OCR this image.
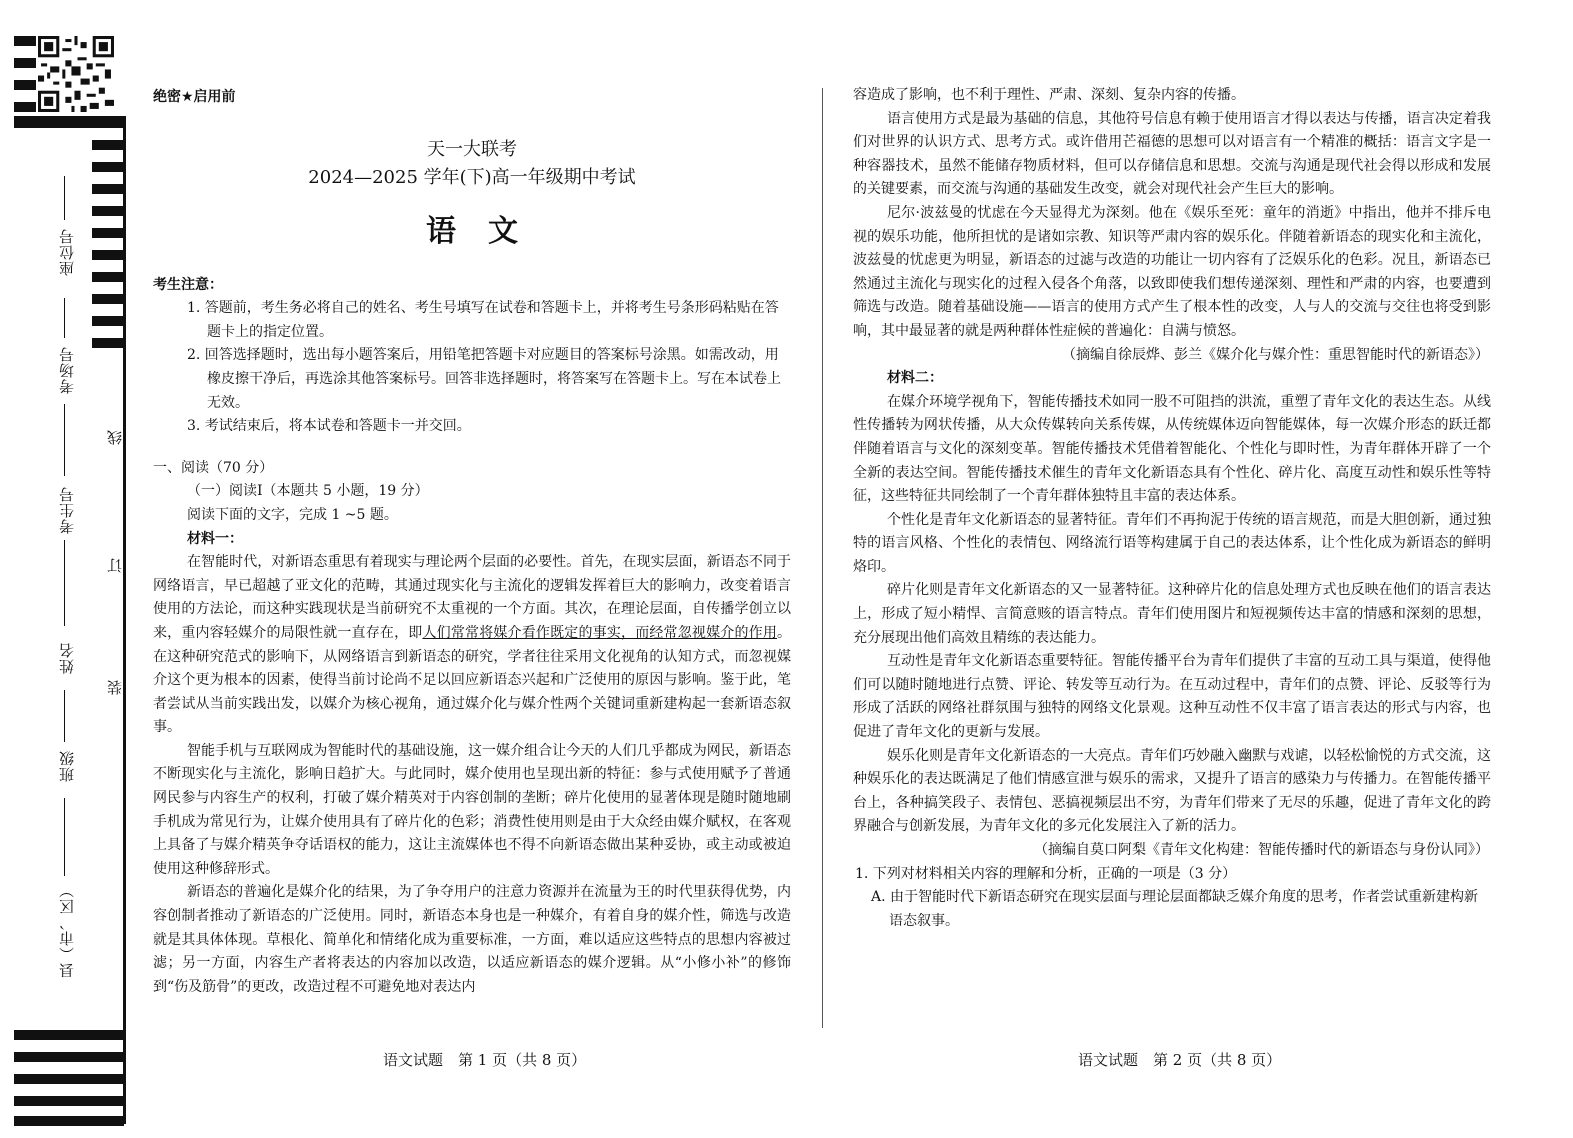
座位号
考场号
考生号
姓名
班级
县（市、区）
线
订
装
绝密★启用前
天一大联考
2024—2025 学年(下)高一年级期中考试
语文
考生注意：
1. 答题前，考生务必将自己的姓名、考生号填写在试卷和答题卡上，并将考生号条形码粘贴在答题卡上的指定位置。
2. 回答选择题时，选出每小题答案后，用铅笔把答题卡对应题目的答案标号涂黑。如需改动，用橡皮擦干净后，再选涂其他答案标号。回答非选择题时，将答案写在答题卡上。写在本试卷上无效。
3. 考试结束后，将本试卷和答题卡一并交回。
一、阅读（70 分）
（一）阅读Ⅰ（本题共 5 小题，19 分）
阅读下面的文字，完成 1 ~5 题。
材料一：
在智能时代，对新语态重思有着现实与理论两个层面的必要性。首先，在现实层面，新语态不同于网络语言，早已超越了亚文化的范畴，其通过现实化与主流化的逻辑发挥着巨大的影响力，改变着语言使用的方法论，而这种实践现状是当前研究不太重视的一个方面。其次，在理论层面，自传播学创立以来，重内容轻媒介的局限性就一直存在，即人们常常将媒介看作既定的事实，而经常忽视媒介的作用。在这种研究范式的影响下，从网络语言到新语态的研究，学者往往采用文化视角的认知方式，而忽视媒介这个更为根本的因素，使得当前讨论尚不足以回应新语态兴起和广泛使用的原因与影响。鉴于此，笔者尝试从当前实践出发，以媒介为核心视角，通过媒介化与媒介性两个关键词重新建构起一套新语态叙事。
智能手机与互联网成为智能时代的基础设施，这一媒介组合让今天的人们几乎都成为网民，新语态不断现实化与主流化，影响日趋扩大。与此同时，媒介使用也呈现出新的特征：参与式使用赋予了普通网民参与内容生产的权利，打破了媒介精英对于内容创制的垄断；碎片化使用的显著体现是随时随地刷手机成为常见行为，让媒介使用具有了碎片化的色彩；消费性使用则是由于大众经由媒介赋权，在客观上具备了与媒介精英争夺话语权的能力，这让主流媒体也不得不向新语态做出某种妥协，或主动或被迫使用这种修辞形式。
新语态的普遍化是媒介化的结果，为了争夺用户的注意力资源并在流量为王的时代里获得优势，内容创制者推动了新语态的广泛使用。同时，新语态本身也是一种媒介，有着自身的媒介性，筛选与改造就是其具体体现。草根化、简单化和情绪化成为重要标准，一方面，难以适应这些特点的思想内容被过滤；另一方面，内容生产者将表达的内容加以改造，以适应新语态的媒介逻辑。从“小修小补”的修饰到“伤及筋骨”的更改，改造过程不可避免地对表达内
语文试题　第 1 页（共 8 页）
容造成了影响，也不利于理性、严肃、深刻、复杂内容的传播。
语言使用方式是最为基础的信息，其他符号信息有赖于使用语言才得以表达与传播，语言决定着我们对世界的认识方式、思考方式。或许借用芒福德的思想可以对语言有一个精准的概括：语言文字是一种容器技术，虽然不能储存物质材料，但可以存储信息和思想。交流与沟通是现代社会得以形成和发展的关键要素，而交流与沟通的基础发生改变，就会对现代社会产生巨大的影响。
尼尔·波兹曼的忧虑在今天显得尤为深刻。他在《娱乐至死：童年的消逝》中指出，他并不排斥电视的娱乐功能，他所担忧的是诸如宗教、知识等严肃内容的娱乐化。伴随着新语态的现实化和主流化，波兹曼的忧虑更为明显，新语态的过滤与改造的功能让一切内容有了泛娱乐化的色彩。况且，新语态已然通过主流化与现实化的过程入侵各个角落，以致即使我们想传递深刻、理性和严肃的内容，也要遭到筛选与改造。随着基础设施——语言的使用方式产生了根本性的改变，人与人的交流与交往也将受到影响，其中最显著的就是两种群体性症候的普遍化：自满与愤怒。
（摘编自徐辰烨、彭兰《媒介化与媒介性：重思智能时代的新语态》）
材料二：
在媒介环境学视角下，智能传播技术如同一股不可阻挡的洪流，重塑了青年文化的表达生态。从线性传播转为网状传播，从大众传媒转向关系传媒，从传统媒体迈向智能媒体，每一次媒介形态的跃迁都伴随着语言与文化的深刻变革。智能传播技术凭借着智能化、个性化与即时性，为青年群体开辟了一个全新的表达空间。智能传播技术催生的青年文化新语态具有个性化、碎片化、高度互动性和娱乐性等特征，这些特征共同绘制了一个青年群体独特且丰富的表达体系。
个性化是青年文化新语态的显著特征。青年们不再拘泥于传统的语言规范，而是大胆创新，通过独特的语言风格、个性化的表情包、网络流行语等构建属于自己的表达体系，让个性化成为新语态的鲜明烙印。
碎片化则是青年文化新语态的又一显著特征。这种碎片化的信息处理方式也反映在他们的语言表达上，形成了短小精悍、言简意赅的语言特点。青年们使用图片和短视频传达丰富的情感和深刻的思想，充分展现出他们高效且精练的表达能力。
互动性是青年文化新语态重要特征。智能传播平台为青年们提供了丰富的互动工具与渠道，使得他们可以随时随地进行点赞、评论、转发等互动行为。在互动过程中，青年们的点赞、评论、反驳等行为形成了活跃的网络社群氛围与独特的网络文化景观。这种互动性不仅丰富了语言表达的形式与内容，也促进了青年文化的更新与发展。
娱乐化则是青年文化新语态的一大亮点。青年们巧妙融入幽默与戏谑，以轻松愉悦的方式交流，这种娱乐化的表达既满足了他们情感宣泄与娱乐的需求，又提升了语言的感染力与传播力。在智能传播平台上，各种搞笑段子、表情包、恶搞视频层出不穷，为青年们带来了无尽的乐趣，促进了青年文化的跨界融合与创新发展，为青年文化的多元化发展注入了新的活力。
（摘编自莫口阿梨《青年文化构建：智能传播时代的新语态与身份认同》）
1. 下列对材料相关内容的理解和分析，正确的一项是（3 分）
A. 由于智能时代下新语态研究在现实层面与理论层面都缺乏媒介角度的思考，作者尝试重新建构新语态叙事。
语文试题　第 2 页（共 8 页）
